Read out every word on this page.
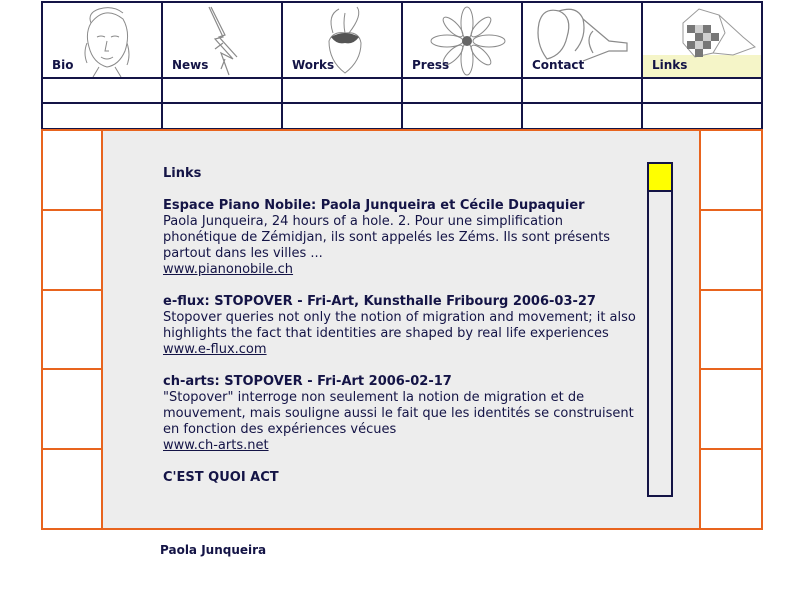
Bio	News	Works	Press	Contact	Links
Links
Espace Piano Nobile: Paola Junqueira et Cécile Dupaquier
Paola Junqueira, 24 hours of a hole. 2. Pour une simplification phonétique de Zémidjan, ils sont appelés les Zéms. Ils sont présents partout dans les villes ...
www.pianonobile.ch
e-flux: STOPOVER - Fri-Art, Kunsthalle Fribourg 2006-03-27
Stopover queries not only the notion of migration and movement; it also highlights the fact that identities are shaped by real life experiences
www.e-flux.com
ch-arts: STOPOVER - Fri-Art 2006-02-17
"Stopover" interroge non seulement la notion de migration et de mouvement, mais souligne aussi le fait que les identités se construisent en fonction des expériences vécues
www.ch-arts.net
C'EST QUOI ACT
Paola Junqueira
